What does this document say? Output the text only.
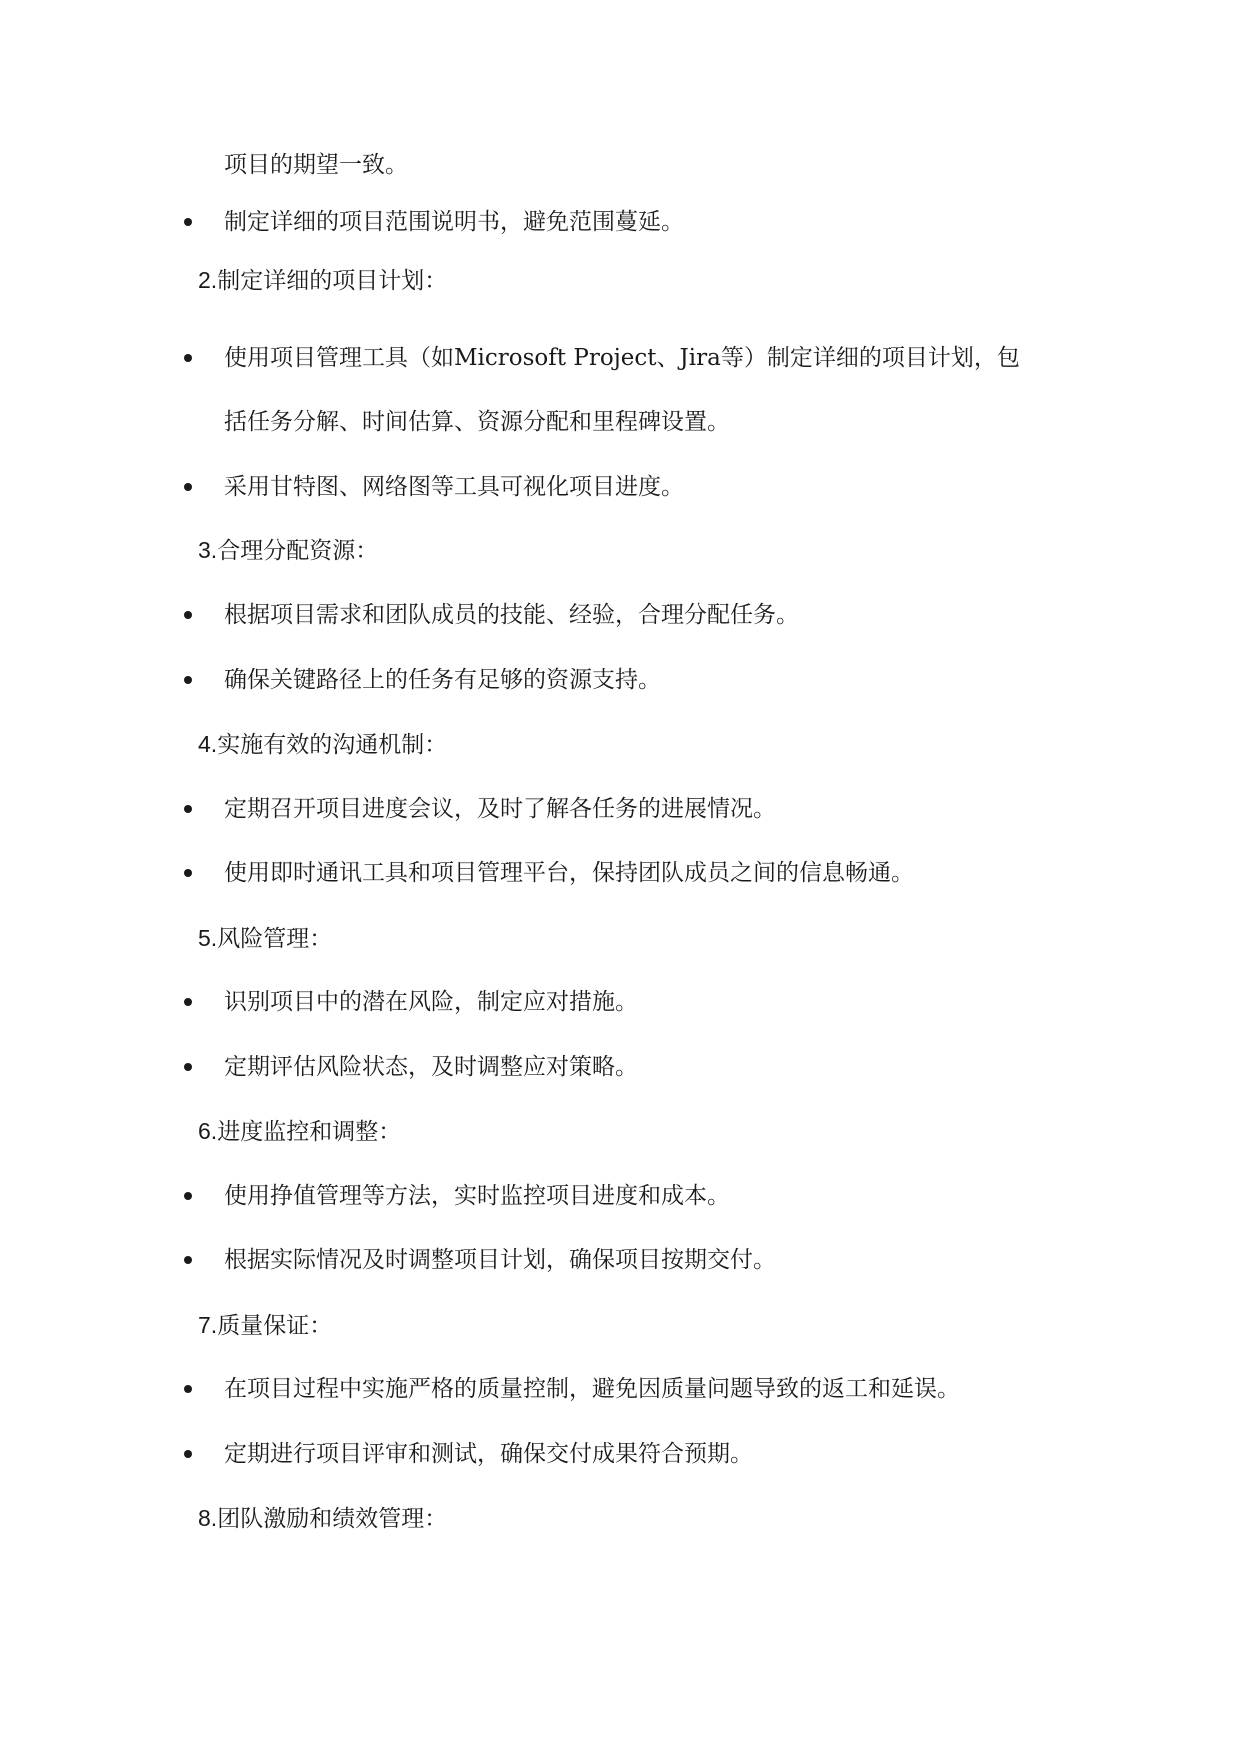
项目的期望一致。
制定详细的项目范围说明书，避免范围蔓延。
2.制定详细的项目计划：
使用项目管理工具（如Microsoft Project、Jira等）制定详细的项目计划，包
括任务分解、时间估算、资源分配和里程碑设置。
采用甘特图、网络图等工具可视化项目进度。
3.合理分配资源：
根据项目需求和团队成员的技能、经验，合理分配任务。
确保关键路径上的任务有足够的资源支持。
4.实施有效的沟通机制：
定期召开项目进度会议，及时了解各任务的进展情况。
使用即时通讯工具和项目管理平台，保持团队成员之间的信息畅通。
5.风险管理：
识别项目中的潜在风险，制定应对措施。
定期评估风险状态，及时调整应对策略。
6.进度监控和调整：
使用挣值管理等方法，实时监控项目进度和成本。
根据实际情况及时调整项目计划，确保项目按期交付。
7.质量保证：
在项目过程中实施严格的质量控制，避免因质量问题导致的返工和延误。
定期进行项目评审和测试，确保交付成果符合预期。
8.团队激励和绩效管理：
